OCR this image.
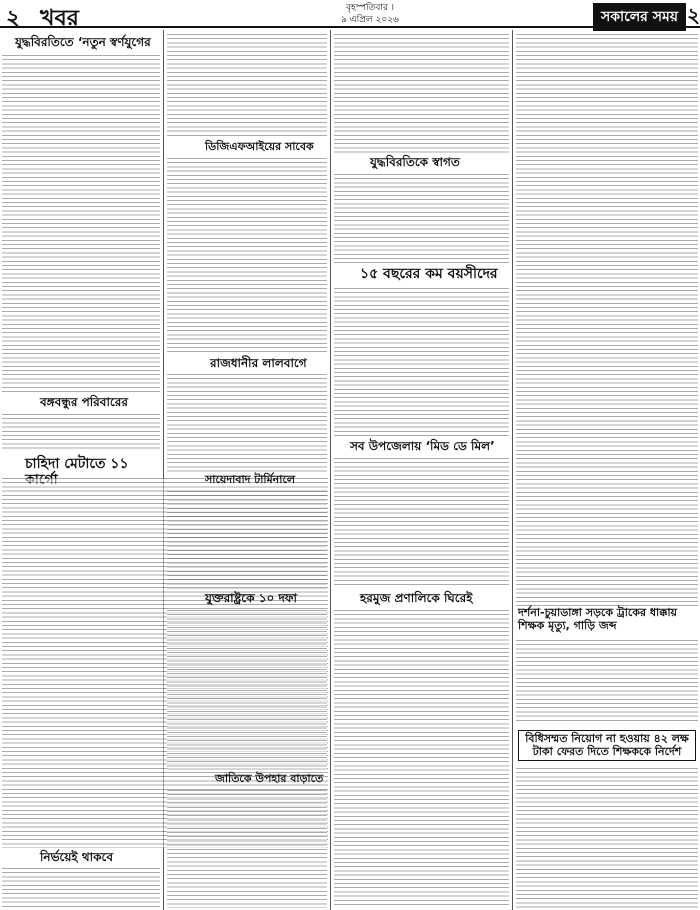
২ খবর	বৃহস্পতিবার ।
৯ এপ্রিল ২০২৬	সকালের সময় ২
যুদ্ধবিরতিতে ‘নতুন স্বর্ণযুগের
বঙ্গবন্ধুর পরিবারের
চাহিদা মেটাতে ১১
নির্ভয়েই থাকবে
ডিজিএফআইয়ের সাবেক
রাজধানীর লালবাগে
সায়েদাবাদ টার্মিনালে
যুক্তরাষ্ট্রকে ১০ দফা
জাতিকে উপহার বাড়াতে
যুদ্ধবিরতিকে স্বাগত
১৫ বছরের কম বয়সীদের
সব উপজেলায় ‘মিড ডে মিল’
হরমুজ প্রণালিকে ঘিরেই
দর্শনা-চুয়াডাঙ্গা সড়কে ট্রাকের ধাক্কায় শিক্ষক মৃত্যু, গাড়ি জব্দ
বিধিসম্মত নিয়োগ না হওয়ায় ৪২ লক্ষ টাকা ফেরত দিতে শিক্ষককে নির্দেশ
